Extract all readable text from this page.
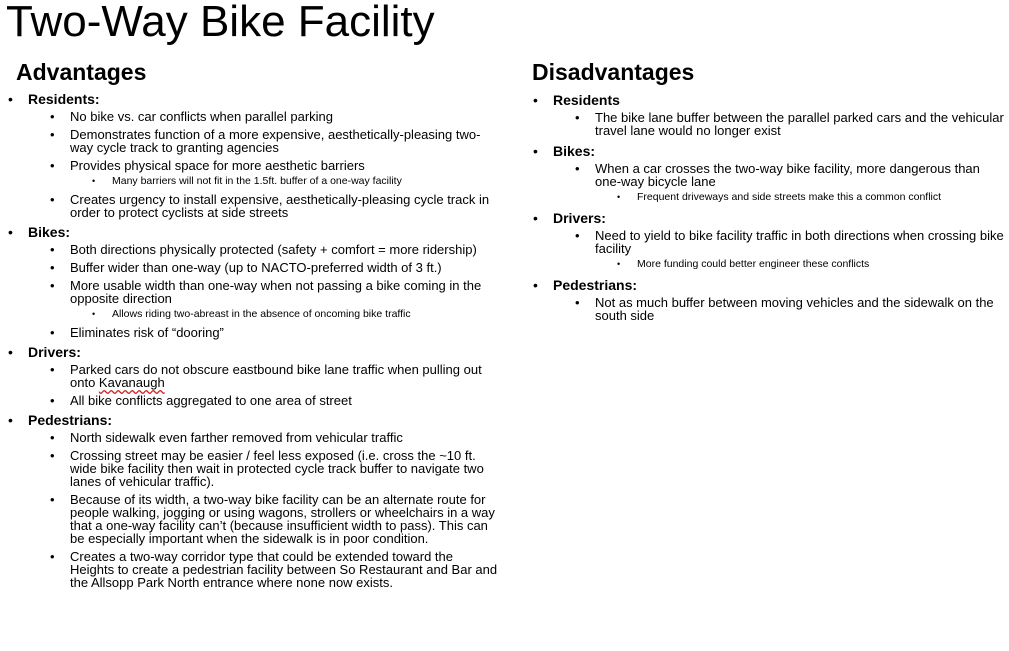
Two-Way Bike Facility
Advantages
• Residents:
• No bike vs. car conflicts when parallel parking
• Demonstrates function of a more expensive, aesthetically-pleasing two-way cycle track to granting agencies
• Provides physical space for more aesthetic barriers
• Many barriers will not fit in the 1.5ft. buffer of a one-way facility
• Creates urgency to install expensive, aesthetically-pleasing cycle track in order to protect cyclists at side streets
• Bikes:
• Both directions physically protected (safety + comfort = more ridership)
• Buffer wider than one-way (up to NACTO-preferred width of 3 ft.)
• More usable width than one-way when not passing a bike coming in the opposite direction
• Allows riding two-abreast in the absence of oncoming bike traffic
• Eliminates risk of “dooring”
• Drivers:
• Parked cars do not obscure eastbound bike lane traffic when pulling out onto Kavanaugh
• All bike conflicts aggregated to one area of street
• Pedestrians:
• North sidewalk even farther removed from vehicular traffic
• Crossing street may be easier / feel less exposed (i.e. cross the ~10 ft. wide bike facility then wait in protected cycle track buffer to navigate two lanes of vehicular traffic).
• Because of its width, a two-way bike facility can be an alternate route for people walking, jogging or using wagons, strollers or wheelchairs in a way that a one-way facility can’t (because insufficient width to pass). This can be especially important when the sidewalk is in poor condition.
• Creates a two-way corridor type that could be extended toward the Heights to create a pedestrian facility between So Restaurant and Bar and the Allsopp Park North entrance where none now exists.
Disadvantages
• Residents
• The bike lane buffer between the parallel parked cars and the vehicular travel lane would no longer exist
• Bikes:
• When a car crosses the two-way bike facility, more dangerous than one-way bicycle lane
• Frequent driveways and side streets make this a common conflict
• Drivers:
• Need to yield to bike facility traffic in both directions when crossing bike facility
• More funding could better engineer these conflicts
• Pedestrians:
• Not as much buffer between moving vehicles and the sidewalk on the south side
